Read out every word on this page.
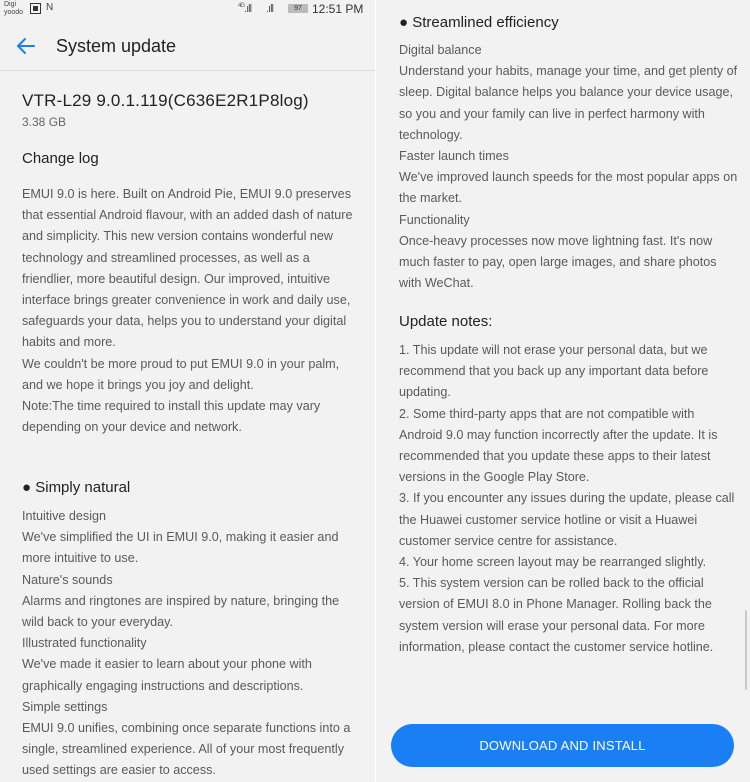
Digi
yoodo N	$^{4G}$.ıll .ıll	97 12:51 PM
System update
VTR-L29 9.0.1.119(C636E2R1P8log)
3.38 GB
Change log

EMUI 9.0 is here. Built on Android Pie, EMUI 9.0 preserves that essential Android flavour, with an added dash of nature and simplicity. This new version contains wonderful new technology and streamlined processes, as well as a friendlier, more beautiful design. Our improved, intuitive interface brings greater convenience in work and daily use, safeguards your data, helps you to understand your digital habits and more.
We couldn't be more proud to put EMUI 9.0 in your palm, and we hope it brings you joy and delight.
Note:The time required to install this update may vary depending on your device and network.

● Simply natural

Intuitive design
We've simplified the UI in EMUI 9.0, making it easier and more intuitive to use.
Nature's sounds
Alarms and ringtones are inspired by nature, bringing the wild back to your everyday.
Illustrated functionality
We've made it easier to learn about your phone with graphically engaging instructions and descriptions.
Simple settings
EMUI 9.0 unifies, combining once separate functions into a single, streamlined experience. All of your most frequently used settings are easier to access.

● Streamlined efficiency

Digital balance
Understand your habits, manage your time, and get plenty of sleep. Digital balance helps you balance your device usage, so you and your family can live in perfect harmony with technology.
Faster launch times
We've improved launch speeds for the most popular apps on the market.
Functionality
Once-heavy processes now move lightning fast. It's now much faster to pay, open large images, and share photos with WeChat.

Update notes:

1. This update will not erase your personal data, but we recommend that you back up any important data before updating.
2. Some third-party apps that are not compatible with Android 9.0 may function incorrectly after the update. It is recommended that you update these apps to their latest versions in the Google Play Store.
3. If you encounter any issues during the update, please call the Huawei customer service hotline or visit a Huawei customer service centre for assistance.
4. Your home screen layout may be rearranged slightly.
5. This system version can be rolled back to the official version of EMUI 8.0 in Phone Manager. Rolling back the system version will erase your personal data. For more information, please contact the customer service hotline.

DOWNLOAD AND INSTALL
